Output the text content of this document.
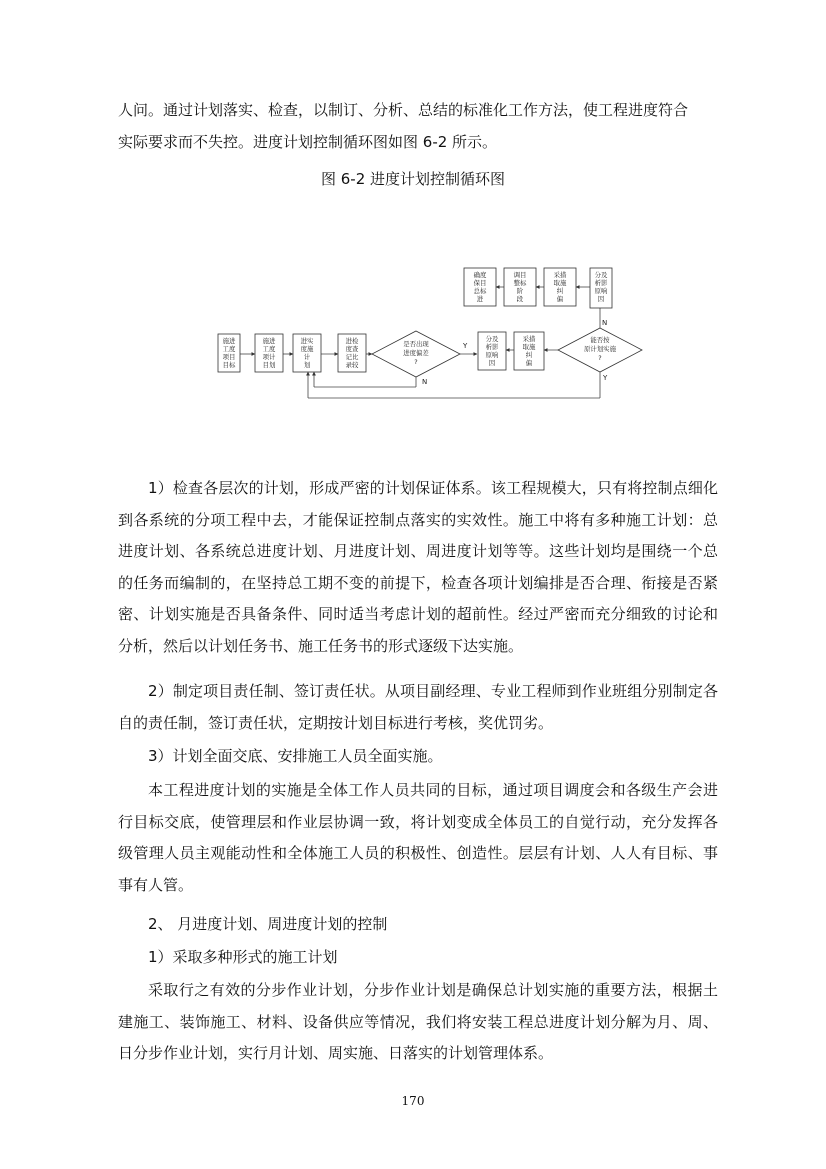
人问。通过计划落实、检查，以制订、分析、总结的标准化工作方法，使工程进度符合
实际要求而不失控。进度计划控制循环图如图 6-2 所示。

图 6-2 进度计划控制循环图
施进
工度
项目
目标
施进
工度
项计
目划
进实
度施
计
划
进检
度查
记比
录较
是否出现
进度偏差
?
分及
析影
原响
因
采措
取施
纠
偏
能否按
原计划实施
?
确度
保目
总标
进
调目
整标
阶
段
采措
取施
纠
偏
分及
析影
原响
因
Y
N
N
Y

1）检查各层次的计划，形成严密的计划保证体系。该工程规模大，只有将控制点细化到各系统的分项工程中去，才能保证控制点落实的实效性。施工中将有多种施工计划：总进度计划、各系统总进度计划、月进度计划、周进度计划等等。这些计划均是围绕一个总的任务而编制的，在坚持总工期不变的前提下，检查各项计划编排是否合理、衔接是否紧密、计划实施是否具备条件、同时适当考虑计划的超前性。经过严密而充分细致的讨论和分析，然后以计划任务书、施工任务书的形式逐级下达实施。

2）制定项目责任制、签订责任状。从项目副经理、专业工程师到作业班组分别制定各自的责任制，签订责任状，定期按计划目标进行考核，奖优罚劣。

3）计划全面交底、安排施工人员全面实施。

本工程进度计划的实施是全体工作人员共同的目标，通过项目调度会和各级生产会进行目标交底，使管理层和作业层协调一致，将计划变成全体员工的自觉行动，充分发挥各级管理人员主观能动性和全体施工人员的积极性、创造性。层层有计划、人人有目标、事事有人管。

2、 月进度计划、周进度计划的控制

1）采取多种形式的施工计划

采取行之有效的分步作业计划，分步作业计划是确保总计划实施的重要方法，根据土建施工、装饰施工、材料、设备供应等情况，我们将安装工程总进度计划分解为月、周、日分步作业计划，实行月计划、周实施、日落实的计划管理体系。

170
